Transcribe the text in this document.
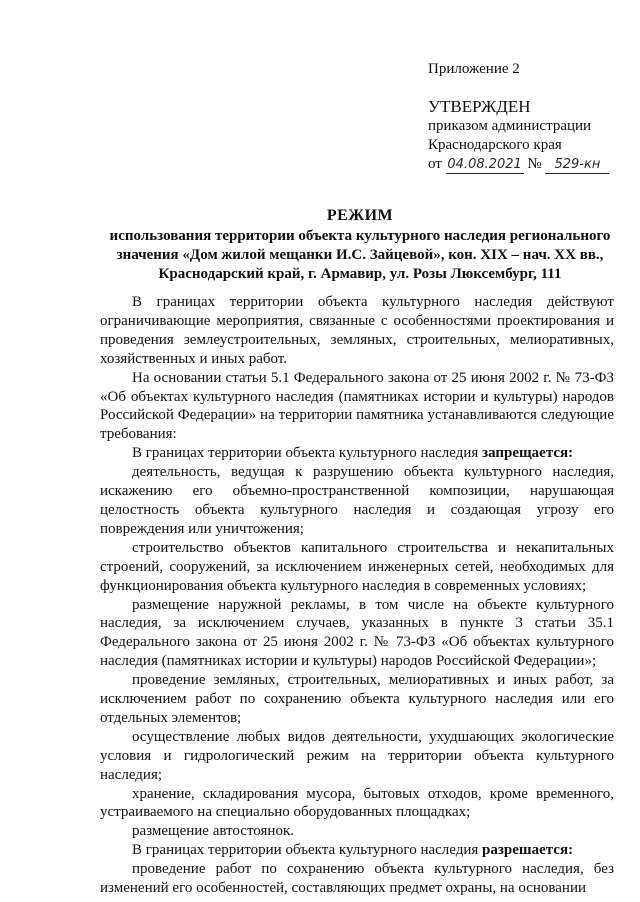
Приложение 2
УТВЕРЖДЕН
приказом администрации
Краснодарского края
от 04.08.2021 № 529-кн
РЕЖИМ
использования территории объекта культурного наследия регионального значения «Дом жилой мещанки И.С. Зайцевой», кон. XIX – нач. XX вв., Краснодарский край, г. Армавир, ул. Розы Люксембург, 111

В границах территории объекта культурного наследия действуют ограничивающие мероприятия, связанные с особенностями проектирования и проведения землеустроительных, земляных, строительных, мелиоративных, хозяйственных и иных работ.

На основании статьи 5.1 Федерального закона от 25 июня 2002 г. № 73-ФЗ «Об объектах культурного наследия (памятниках истории и культуры) народов Российской Федерации» на территории памятника устанавливаются следующие требования:

В границах территории объекта культурного наследия запрещается:

деятельность, ведущая к разрушению объекта культурного наследия, искажению его объемно-пространственной композиции, нарушающая целостность объекта культурного наследия и создающая угрозу его повреждения или уничтожения;

строительство объектов капитального строительства и некапитальных строений, сооружений, за исключением инженерных сетей, необходимых для функционирования объекта культурного наследия в современных условиях;

размещение наружной рекламы, в том числе на объекте культурного наследия, за исключением случаев, указанных в пункте 3 статьи 35.1 Федерального закона от 25 июня 2002 г. № 73-ФЗ «Об объектах культурного наследия (памятниках истории и культуры) народов Российской Федерации»;

проведение земляных, строительных, мелиоративных и иных работ, за исключением работ по сохранению объекта культурного наследия или его отдельных элементов;

осуществление любых видов деятельности, ухудшающих экологические условия и гидрологический режим на территории объекта культурного наследия;

хранение, складирования мусора, бытовых отходов, кроме временного, устраиваемого на специально оборудованных площадках;

размещение автостоянок.

В границах территории объекта культурного наследия разрешается:

проведение работ по сохранению объекта культурного наследия, без изменений его особенностей, составляющих предмет охраны, на основании
